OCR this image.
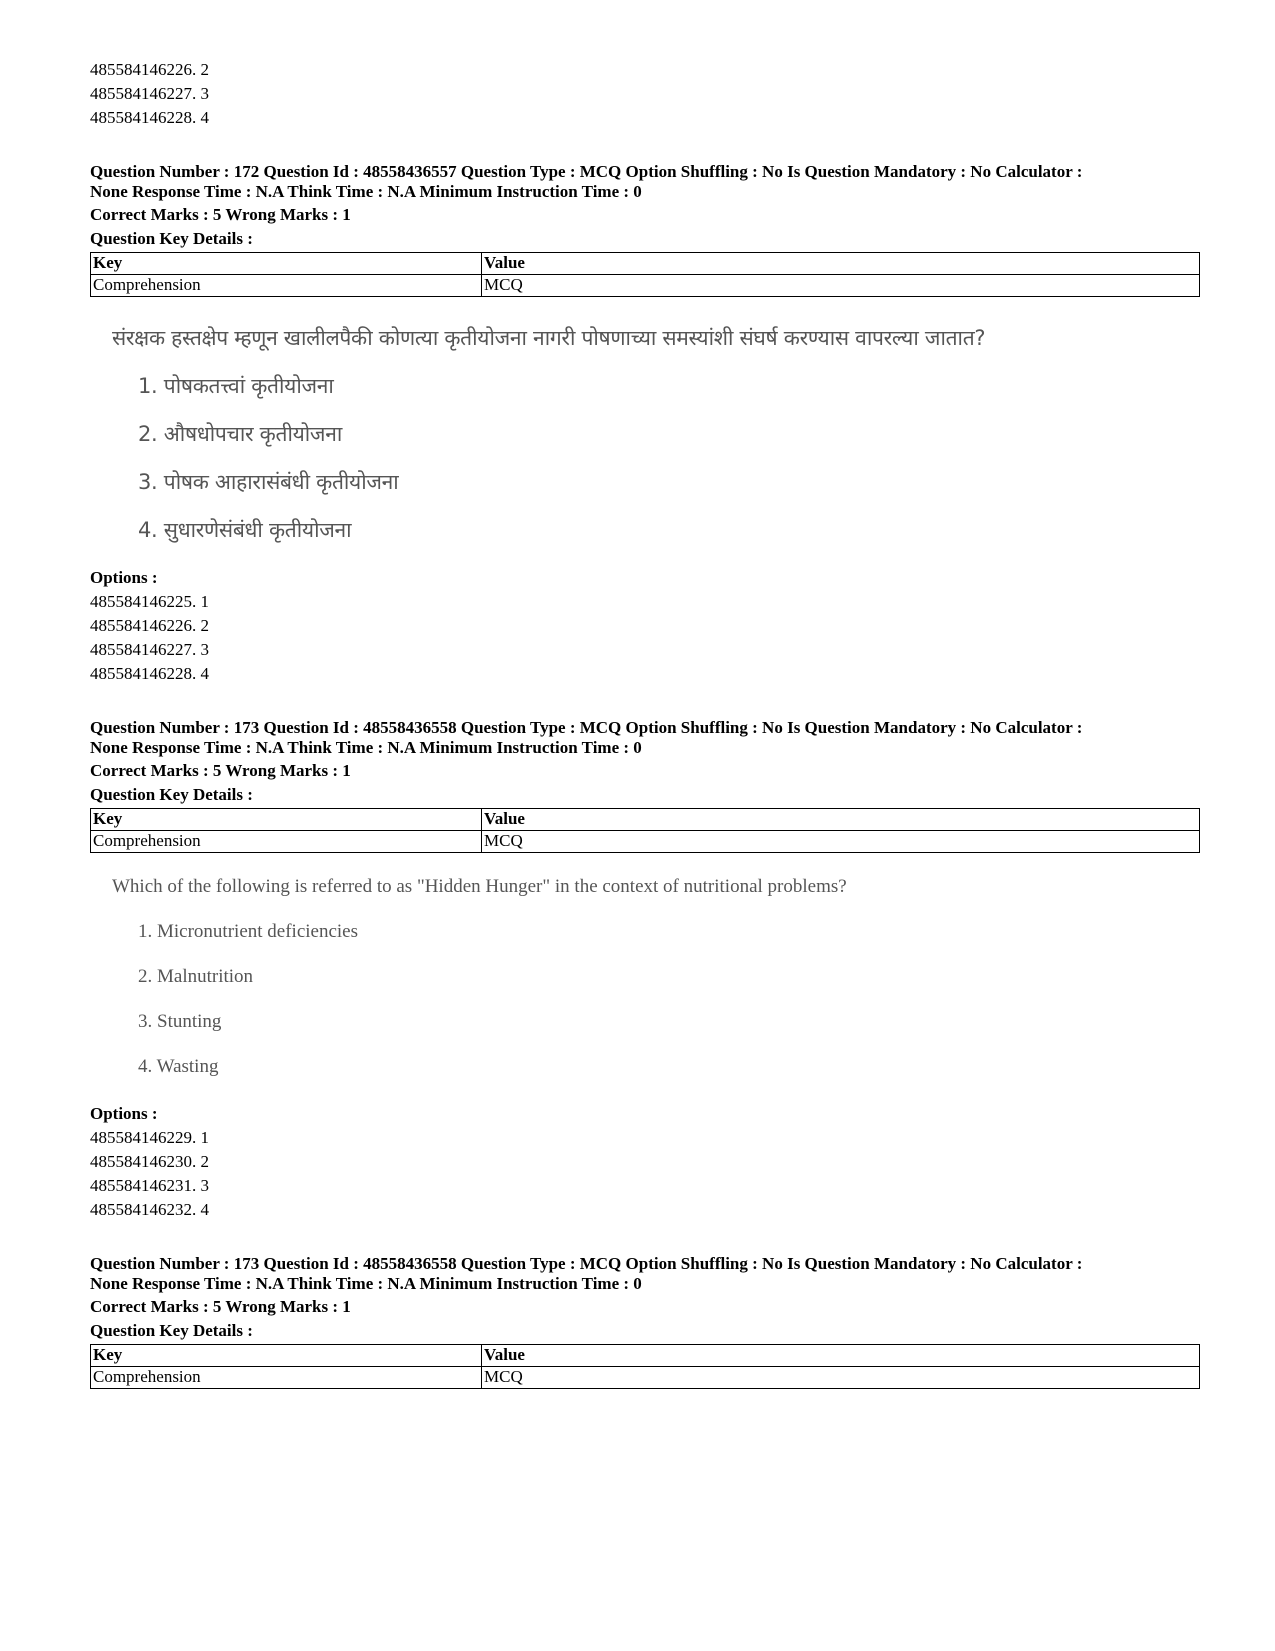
485584146226. 2
485584146227. 3
485584146228. 4
Question Number : 172 Question Id : 48558436557 Question Type : MCQ Option Shuffling : No Is Question Mandatory : No Calculator :
None Response Time : N.A Think Time : N.A Minimum Instruction Time : 0
Correct Marks : 5 Wrong Marks : 1
Question Key Details :
Key	Value
Comprehension	MCQ
संरक्षक हस्तक्षेप म्हणून खालीलपैकी कोणत्या कृतीयोजना नागरी पोषणाच्या समस्यांशी संघर्ष करण्यास वापरल्या जातात?
1. पोषकतत्त्वां कृतीयोजना
2. औषधोपचार कृतीयोजना
3. पोषक आहारासंबंधी कृतीयोजना
4. सुधारणेसंबंधी कृतीयोजना
Options :
485584146225. 1
485584146226. 2
485584146227. 3
485584146228. 4
Question Number : 173 Question Id : 48558436558 Question Type : MCQ Option Shuffling : No Is Question Mandatory : No Calculator :
None Response Time : N.A Think Time : N.A Minimum Instruction Time : 0
Correct Marks : 5 Wrong Marks : 1
Question Key Details :
Key	Value
Comprehension	MCQ
Which of the following is referred to as "Hidden Hunger" in the context of nutritional problems?
1. Micronutrient deficiencies
2. Malnutrition
3. Stunting
4. Wasting
Options :
485584146229. 1
485584146230. 2
485584146231. 3
485584146232. 4
Question Number : 173 Question Id : 48558436558 Question Type : MCQ Option Shuffling : No Is Question Mandatory : No Calculator :
None Response Time : N.A Think Time : N.A Minimum Instruction Time : 0
Correct Marks : 5 Wrong Marks : 1
Question Key Details :
Key	Value
Comprehension	MCQ
